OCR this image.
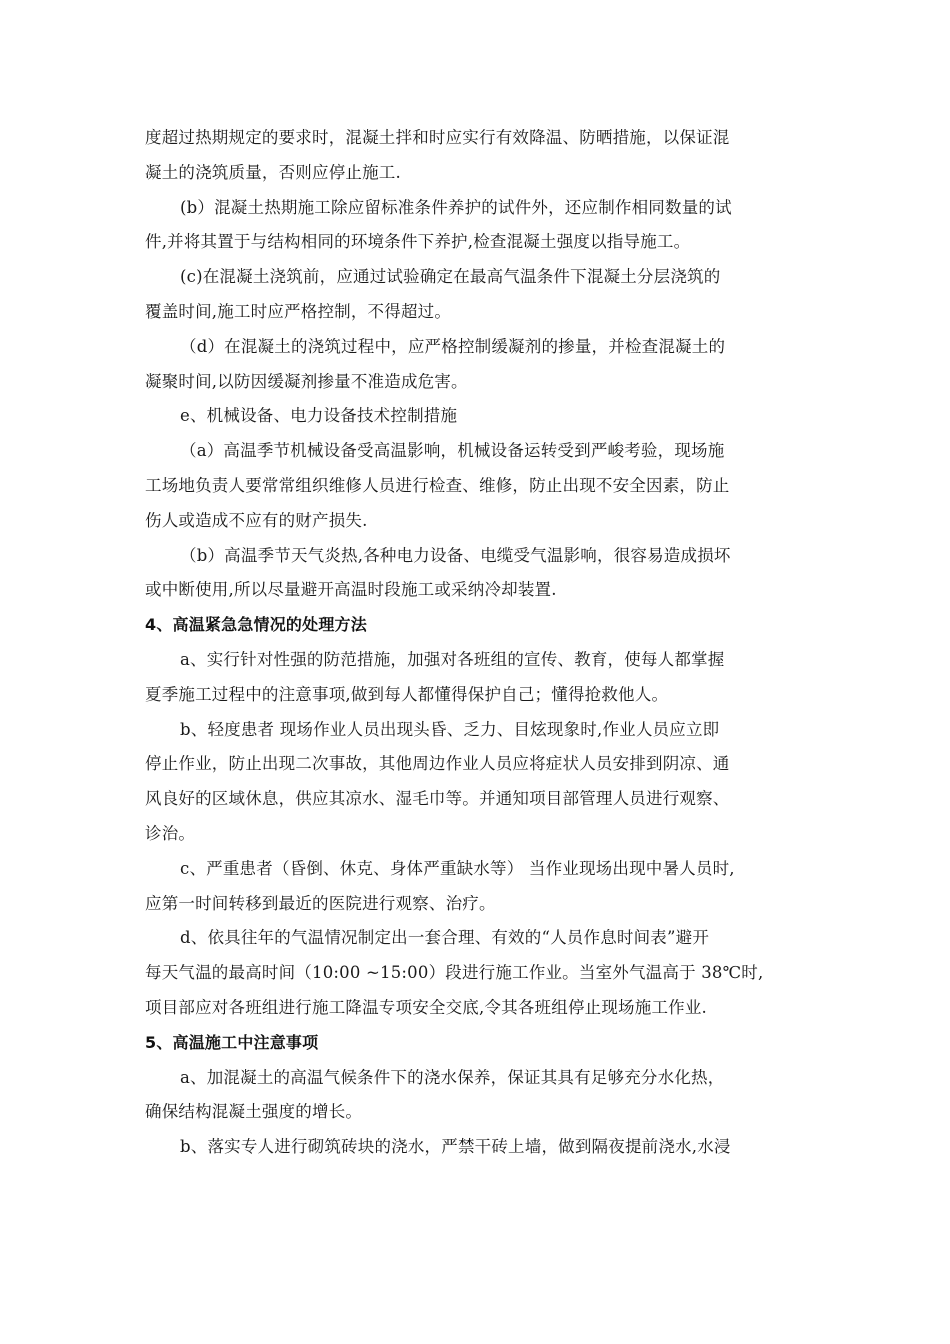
度超过热期规定的要求时，混凝土拌和时应实行有效降温、防晒措施，以保证混
凝土的浇筑质量，否则应停止施工.
(b）混凝土热期施工除应留标准条件养护的试件外，还应制作相同数量的试
件,并将其置于与结构相同的环境条件下养护,检查混凝土强度以指导施工。
(c)在混凝土浇筑前，应通过试验确定在最高气温条件下混凝土分层浇筑的
覆盖时间,施工时应严格控制，不得超过。
（d）在混凝土的浇筑过程中，应严格控制缓凝剂的掺量，并检查混凝土的
凝聚时间,以防因缓凝剂掺量不准造成危害。
e、机械设备、电力设备技术控制措施
（a）高温季节机械设备受高温影响，机械设备运转受到严峻考验，现场施
工场地负责人要常常组织维修人员进行检查、维修，防止出现不安全因素，防止
伤人或造成不应有的财产损失.
（b）高温季节天气炎热,各种电力设备、电缆受气温影响，很容易造成损坏
或中断使用,所以尽量避开高温时段施工或采纳冷却装置.
4、高温紧急急情况的处理方法
a、实行针对性强的防范措施，加强对各班组的宣传、教育，使每人都掌握
夏季施工过程中的注意事项,做到每人都懂得保护自己；懂得抢救他人。
b、轻度患者 现场作业人员出现头昏、乏力、目炫现象时,作业人员应立即
停止作业，防止出现二次事故，其他周边作业人员应将症状人员安排到阴凉、通
风良好的区域休息，供应其凉水、湿毛巾等。并通知项目部管理人员进行观察、
诊治。
c、严重患者（昏倒、休克、身体严重缺水等） 当作业现场出现中暑人员时,
应第一时间转移到最近的医院进行观察、治疗。
d、依具往年的气温情况制定出一套合理、有效的“人员作息时间表”避开
每天气温的最高时间（10:00 ~15:00）段进行施工作业。当室外气温高于 38℃时,
项目部应对各班组进行施工降温专项安全交底,令其各班组停止现场施工作业.
5、高温施工中注意事项
a、加混凝土的高温气候条件下的浇水保养，保证其具有足够充分水化热，
确保结构混凝土强度的增长。
b、落实专人进行砌筑砖块的浇水，严禁干砖上墙，做到隔夜提前浇水,水浸
